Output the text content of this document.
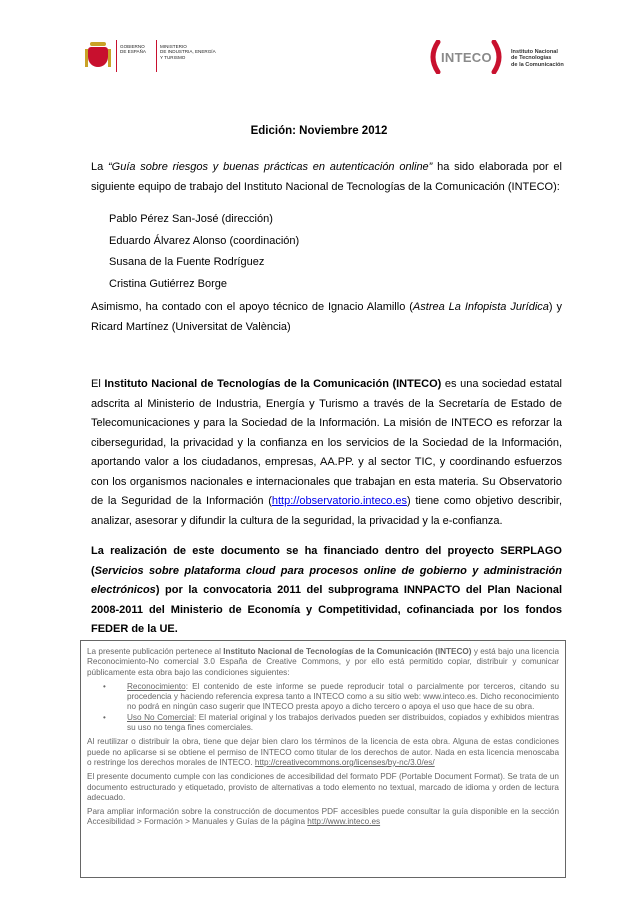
GOBIERNO
DE ESPAÑA
MINISTERIO
DE INDUSTRIA, ENERGÍA
Y TURISMO	INTECO	Instituto Nacional
de Tecnologías
de la Comunicación
Edición: Noviembre 2012
La “Guía sobre riesgos y buenas prácticas en autenticación online” ha sido elaborada por el siguiente equipo de trabajo del Instituto Nacional de Tecnologías de la Comunicación (INTECO):
Pablo Pérez San-José (dirección)
Eduardo Álvarez Alonso (coordinación)
Susana de la Fuente Rodríguez
Cristina Gutiérrez Borge
Asimismo, ha contado con el apoyo técnico de Ignacio Alamillo (Astrea La Infopista Jurídica) y Ricard Martínez (Universitat de València)
El Instituto Nacional de Tecnologías de la Comunicación (INTECO) es una sociedad estatal adscrita al Ministerio de Industria, Energía y Turismo a través de la Secretaría de Estado de Telecomunicaciones y para la Sociedad de la Información. La misión de INTECO es reforzar la ciberseguridad, la privacidad y la confianza en los servicios de la Sociedad de la Información, aportando valor a los ciudadanos, empresas, AA.PP. y al sector TIC, y coordinando esfuerzos con los organismos nacionales e internacionales que trabajan en esta materia. Su Observatorio de la Seguridad de la Información (http://observatorio.inteco.es) tiene como objetivo describir, analizar, asesorar y difundir la cultura de la seguridad, la privacidad y la e-confianza.
La realización de este documento se ha financiado dentro del proyecto SERPLAGO (Servicios sobre plataforma cloud para procesos online de gobierno y administración electrónicos) por la convocatoria 2011 del subprograma INNPACTO del Plan Nacional 2008-2011 del Ministerio de Economía y Competitividad, cofinanciada por los fondos FEDER de la UE.

La presente publicación pertenece al Instituto Nacional de Tecnologías de la Comunicación (INTECO) y está bajo una licencia Reconocimiento-No comercial 3.0 España de Creative Commons, y por ello está permitido copiar, distribuir y comunicar públicamente esta obra bajo las condiciones siguientes:

•	Reconocimiento: El contenido de este informe se puede reproducir total o parcialmente por terceros, citando su procedencia y haciendo referencia expresa tanto a INTECO como a su sitio web: www.inteco.es. Dicho reconocimiento no podrá en ningún caso sugerir que INTECO presta apoyo a dicho tercero o apoya el uso que hace de su obra.
•	Uso No Comercial: El material original y los trabajos derivados pueden ser distribuidos, copiados y exhibidos mientras su uso no tenga fines comerciales.

Al reutilizar o distribuir la obra, tiene que dejar bien claro los términos de la licencia de esta obra. Alguna de estas condiciones puede no aplicarse si se obtiene el permiso de INTECO como titular de los derechos de autor. Nada en esta licencia menoscaba o restringe los derechos morales de INTECO. http://creativecommons.org/licenses/by-nc/3.0/es/

El presente documento cumple con las condiciones de accesibilidad del formato PDF (Portable Document Format). Se trata de un documento estructurado y etiquetado, provisto de alternativas a todo elemento no textual, marcado de idioma y orden de lectura adecuado.

Para ampliar información sobre la construcción de documentos PDF accesibles puede consultar la guía disponible en la sección Accesibilidad > Formación > Manuales y Guías de la página http://www.inteco.es
